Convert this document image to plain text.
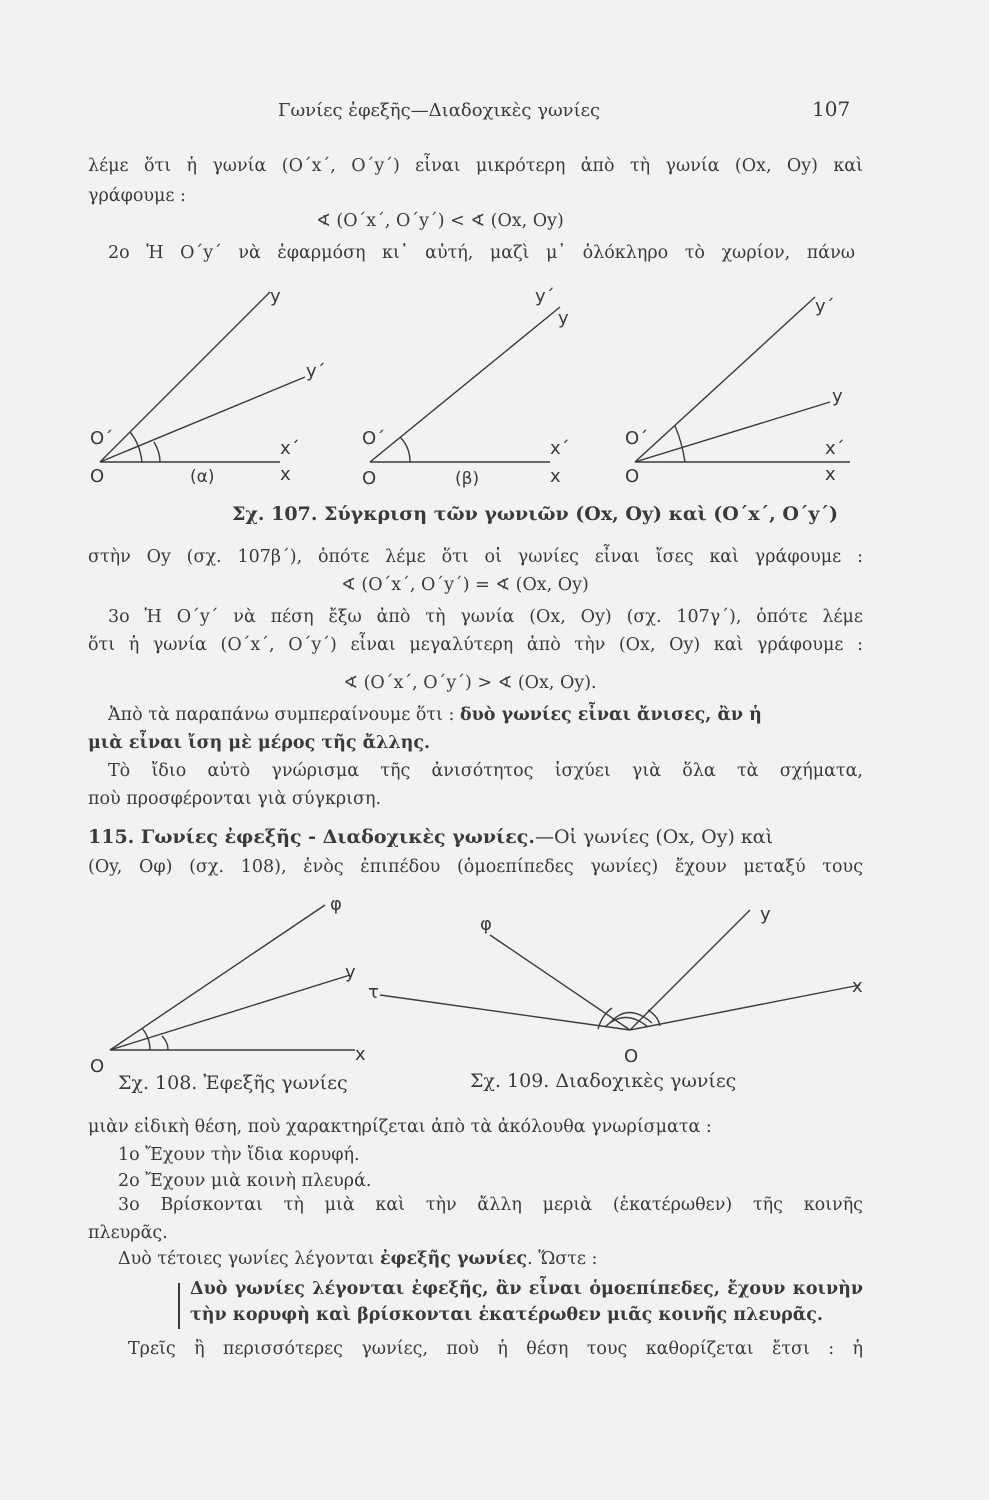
Γωνίες ἐφεξῆς—Διαδοχικὲς γωνίες	107
λέμε ὅτι ἡ γωνία (O΄x΄, O΄y΄) εἶναι μικρότερη ἀπὸ τὴ γωνία (Ox, Oy) καὶ
γράφουμε :
∢ (O΄x΄, O΄y΄) < ∢ (Ox, Oy)
2ο Ἡ O΄y΄ νὰ ἐφαρμόση κι᾽ αὐτή, μαζὶ μ᾽ ὁλόκληρο τὸ χωρίον, πάνω
y
y΄
O΄	x΄
O	(α)	x
y΄
y
O΄	x΄
O	(β)	x
y΄
y
O΄	x΄
O	x
Σχ. 107. Σύγκριση τῶν γωνιῶν (Ox, Oy) καὶ (O΄x΄, O΄y΄)
στὴν Oy (σχ. 107β΄), ὁπότε λέμε ὅτι οἱ γωνίες εἶναι ἴσες καὶ γράφουμε :
∢ (O΄x΄, O΄y΄) = ∢ (Ox, Oy)
3ο Ἡ O΄y΄ νὰ πέση ἔξω ἀπὸ τὴ γωνία (Ox, Oy) (σχ. 107γ΄), ὁπότε λέμε
ὅτι ἡ γωνία (O΄x΄, O΄y΄) εἶναι μεγαλύτερη ἀπὸ τὴν (Ox, Oy) καὶ γράφουμε :
∢ (O΄x΄, O΄y΄) > ∢ (Ox, Oy).
Ἀπὸ τὰ παραπάνω συμπεραίνουμε ὅτι : δυὸ γωνίες εἶναι ἄνισες, ἂν ἡ
μιὰ εἶναι ἴση μὲ μέρος τῆς ἄλλης.
Τὸ ἴδιο αὐτὸ γνώρισμα τῆς ἀνισότητος ἰσχύει γιὰ ὅλα τὰ σχήματα,
ποὺ προσφέρονται γιὰ σύγκριση.
115. Γωνίες ἐφεξῆς - Διαδοχικὲς γωνίες.—Οἱ γωνίες (Ox, Oy) καὶ
(Oy, Oφ) (σχ. 108), ἑνὸς ἐπιπέδου (ὁμοεπίπεδες γωνίες) ἔχουν μεταξύ τους
φ
y
x
O
φ	y
τ	x
O
Σχ. 108. Ἐφεξῆς γωνίες	Σχ. 109. Διαδοχικὲς γωνίες
μιὰν εἰδικὴ θέση, ποὺ χαρακτηρίζεται ἀπὸ τὰ ἀκόλουθα γνωρίσματα :
1ο Ἔχουν τὴν ἴδια κορυφή.
2ο Ἔχουν μιὰ κοινὴ πλευρά.
3ο Βρίσκονται τὴ μιὰ καὶ τὴν ἄλλη μεριὰ (ἑκατέρωθεν) τῆς κοινῆς
πλευρᾶς.
Δυὸ τέτοιες γωνίες λέγονται ἐφεξῆς γωνίες. Ὥστε :
Δυὸ γωνίες λέγονται ἐφεξῆς, ἂν εἶναι ὁμοεπίπεδες, ἔχουν κοινὴν
τὴν κορυφὴ καὶ βρίσκονται ἑκατέρωθεν μιᾶς κοινῆς πλευρᾶς.
Τρεῖς ἢ περισσότερες γωνίες, ποὺ ἡ θέση τους καθορίζεται ἔτσι : ἡ
